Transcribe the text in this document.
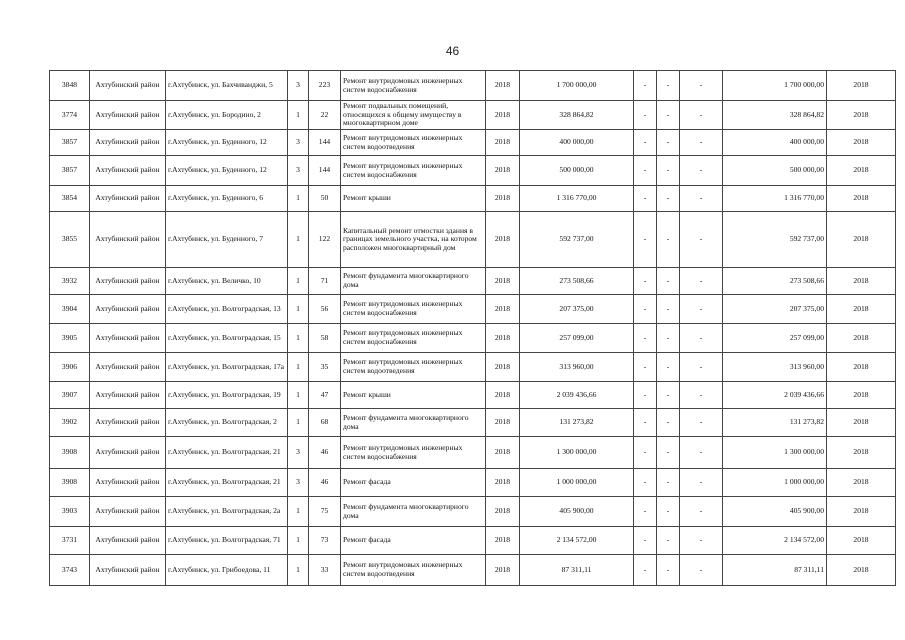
46
3848	Ахтубинский район	г.Ахтубинск, ул. Бахчиванджи, 5	3	223	Ремонт внутридомовых инженерных систем водоснабжения	2018	1 700 000,00	-	-	-	1 700 000,00	2018
3774	Ахтубинский район	г.Ахтубинск, ул. Бородино, 2	1	22	Ремонт подвальных помещений, относящихся к общему имуществу в многоквартирном доме	2018	328 864,82	-	-	-	328 864,82	2018
3857	Ахтубинский район	г.Ахтубинск, ул. Буденного, 12	3	144	Ремонт внутридомовых инженерных систем водоотведения	2018	400 000,00	-	-	-	400 000,00	2018
3857	Ахтубинский район	г.Ахтубинск, ул. Буденного, 12	3	144	Ремонт внутридомовых инженерных систем водоснабжения	2018	500 000,00	-	-	-	500 000,00	2018
3854	Ахтубинский район	г.Ахтубинск, ул. Буденного, 6	1	50	Ремонт крыши	2018	1 316 770,00	-	-	-	1 316 770,00	2018
3855	Ахтубинский район	г.Ахтубинск, ул. Буденного, 7	1	122	Капитальный ремонт отмостки здания в границах земельного участка, на котором расположен многоквартирный дом	2018	592 737,00	-	-	-	592 737,00	2018
3932	Ахтубинский район	г.Ахтубинск, ул. Величко, 10	1	71	Ремонт фундамента многоквартирного дома	2018	273 508,66	-	-	-	273 508,66	2018
3904	Ахтубинский район	г.Ахтубинск, ул. Волгоградская, 13	1	56	Ремонт внутридомовых инженерных систем водоснабжения	2018	207 375,00	-	-	-	207 375,00	2018
3905	Ахтубинский район	г.Ахтубинск, ул. Волгоградская, 15	1	58	Ремонт внутридомовых инженерных систем водоснабжения	2018	257 099,00	-	-	-	257 099,00	2018
3906	Ахтубинский район	г.Ахтубинск, ул. Волгоградская, 17а	1	35	Ремонт внутридомовых инженерных систем водоотведения	2018	313 960,00	-	-	-	313 960,00	2018
3907	Ахтубинский район	г.Ахтубинск, ул. Волгоградская, 19	1	47	Ремонт крыши	2018	2 039 436,66	-	-	-	2 039 436,66	2018
3902	Ахтубинский район	г.Ахтубинск, ул. Волгоградская, 2	1	68	Ремонт фундамента многоквартирного дома	2018	131 273,82	-	-	-	131 273,82	2018
3908	Ахтубинский район	г.Ахтубинск, ул. Волгоградская, 21	3	46	Ремонт внутридомовых инженерных систем водоснабжения	2018	1 300 000,00	-	-	-	1 300 000,00	2018
3908	Ахтубинский район	г.Ахтубинск, ул. Волгоградская, 21	3	46	Ремонт фасада	2018	1 000 000,00	-	-	-	1 000 000,00	2018
3903	Ахтубинский район	г.Ахтубинск, ул. Волгоградская, 2а	1	75	Ремонт фундамента многоквартирного дома	2018	405 900,00	-	-	-	405 900,00	2018
3731	Ахтубинский район	г.Ахтубинск, ул. Волгоградская, 71	1	73	Ремонт фасада	2018	2 134 572,00	-	-	-	2 134 572,00	2018
3743	Ахтубинский район	г.Ахтубинск, ул. Грибоедова, 11	1	33	Ремонт внутридомовых инженерных систем водоотведения	2018	87 311,11	-	-	-	87 311,11	2018
